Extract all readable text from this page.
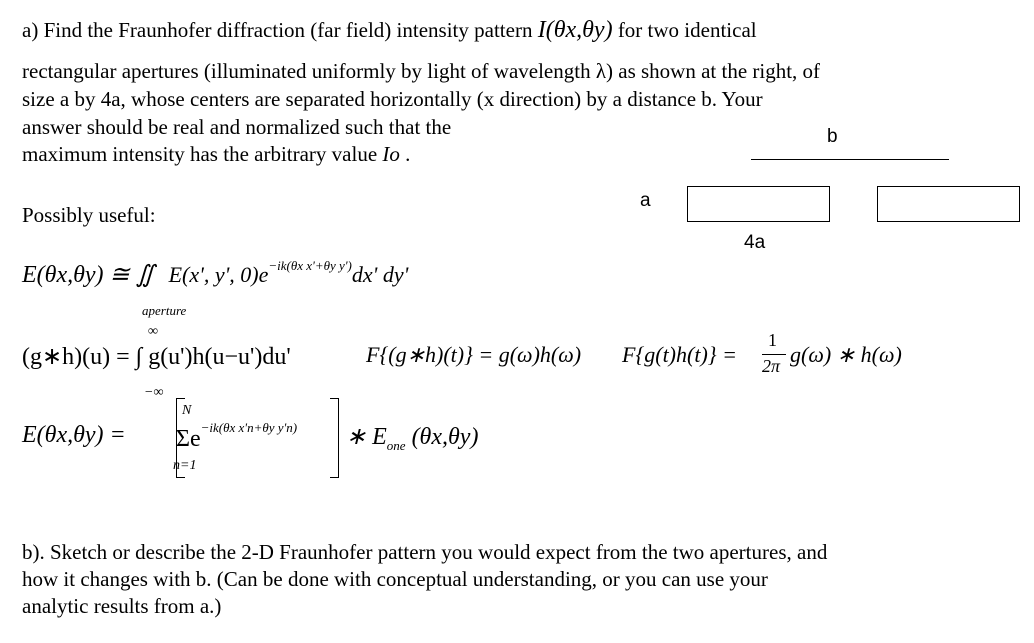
a) Find the Fraunhofer diffraction (far field) intensity pattern I(θx,θy) for two identical
rectangular apertures (illuminated uniformly by light of wavelength λ) as shown at the right, of
size a by 4a, whose centers are separated horizontally (x direction) by a distance b. Your
answer should be real and normalized such that the
maximum intensity has the arbitrary value Io .
Possibly useful:
b
a
4a
E(θx,θy) ≅ ∬ E(x', y', $0)e^{-ik(\theta x x'+\theta y y')}dx'$ dy'
aperture
∞
−∞
(g∗h)(u) = ∫ g(u')h(u−u')du'	F{(g∗h)(t)} = g(ω)h(ω) F{g(t)h(t)} =
1
2π g(ω) ∗ h(ω)
E(θx,θy) =
N
$\Sigma e^{-ik(\theta x x'n+\theta y y'n)}$
n=1
∗ $E_{one}$ (θx,θy)
b). Sketch or describe the 2-D Fraunhofer pattern you would expect from the two apertures, and
how it changes with b. (Can be done with conceptual understanding, or you can use your
analytic results from a.)
